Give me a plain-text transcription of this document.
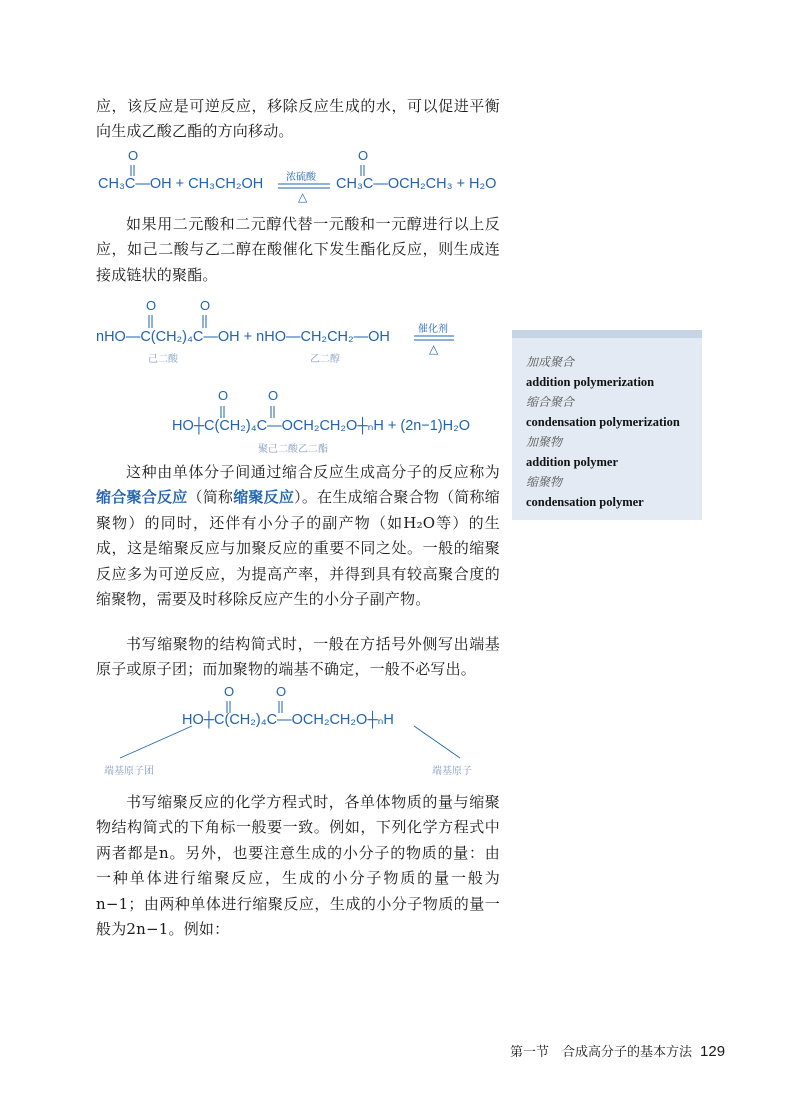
应，该反应是可逆反应，移除反应生成的水，可以促进平衡向生成乙酸乙酯的方向移动。

O	O
CH₃C—OH + CH₃CH₂OH 浓硫酸
△
CH₃C—OCH₂CH₃ + H₂O

如果用二元酸和二元醇代替一元酸和一元醇进行以上反应，如己二酸与乙二醇在酸催化下发生酯化反应，则生成连接成链状的聚酯。

O	O
nHO—C(CH₂)₄C—OH + nHO—CH₂CH₂—OH	催化剂
△
己二酸	乙二醇
O	O
HO┼C(CH₂)₄C—OCH₂CH₂O┼ₙH + (2n−1)H₂O
聚己二酸乙二酯

这种由单体分子间通过缩合反应生成高分子的反应称为缩合聚合反应（简称缩聚反应）。在生成缩合聚合物（简称缩聚物）的同时，还伴有小分子的副产物（如H₂O等）的生成，这是缩聚反应与加聚反应的重要不同之处。一般的缩聚反应多为可逆反应，为提高产率，并得到具有较高聚合度的缩聚物，需要及时移除反应产生的小分子副产物。

书写缩聚物的结构简式时，一般在方括号外侧写出端基原子或原子团；而加聚物的端基不确定，一般不必写出。

O	O
HO┼C(CH₂)₄C—OCH₂CH₂O┼ₙH
端基原子团	端基原子

书写缩聚反应的化学方程式时，各单体物质的量与缩聚物结构简式的下角标一般要一致。例如，下列化学方程式中两者都是n。另外，也要注意生成的小分子的物质的量：由一种单体进行缩聚反应，生成的小分子物质的量一般为n−1；由两种单体进行缩聚反应，生成的小分子物质的量一般为2n−1。例如：

加成聚合
addition polymerization
缩合聚合
condensation polymerization
加聚物
addition polymer
缩聚物
condensation polymer
第一节　合成高分子的基本方法 129
